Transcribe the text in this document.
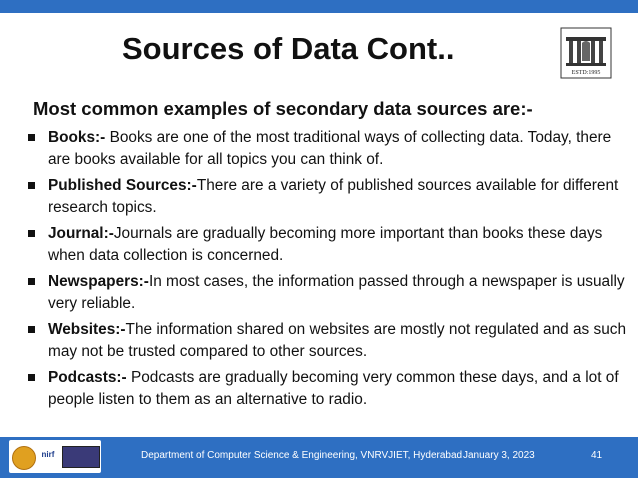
Sources of Data Cont..
ESTD:1995
Most common examples of secondary data sources are:-
Books:- Books are one of the most traditional ways of collecting data. Today, there are books available for all topics you can think of.
Published Sources:-There are a variety of published sources available for different research topics.
Journal:-Journals are gradually becoming more important than books these days when data collection is concerned.
Newspapers:-In most cases, the information passed through a newspaper is usually very reliable.
Websites:-The information shared on websites are mostly not regulated and as such may not be trusted compared to other sources.
Podcasts:- Podcasts are gradually becoming very common these days, and a lot of people listen to them as an alternative to radio.
nirf	Department of Computer Science & Engineering, VNRVJIET, Hyderabad January 3, 2023	41
